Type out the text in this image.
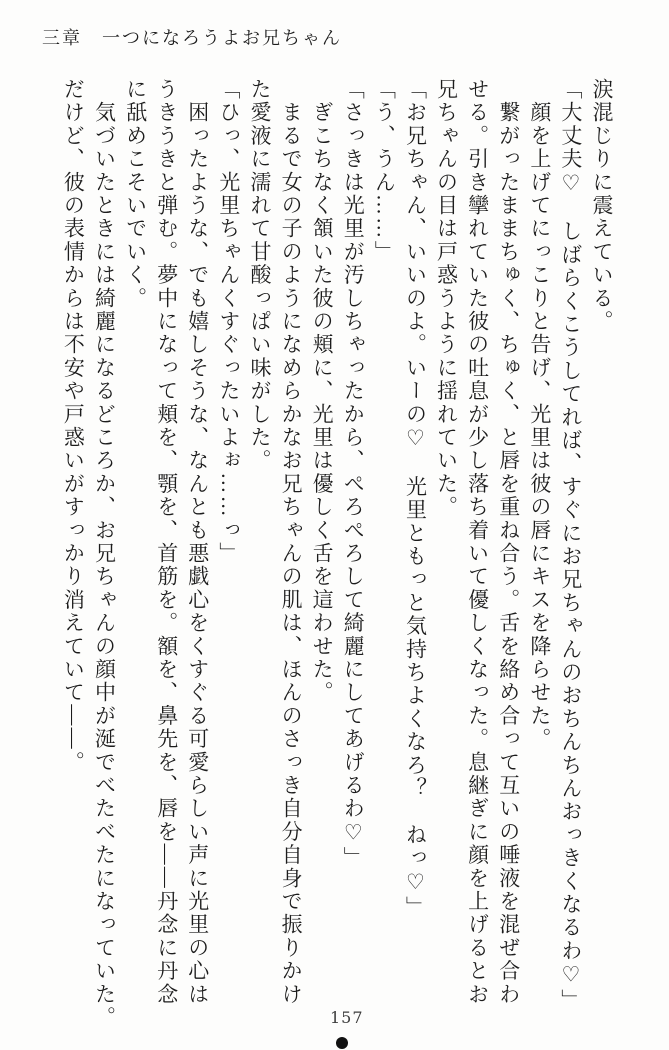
三章　一つになろうよお兄ちゃん

涙混じりに震えている。

「大丈夫♡　しばらくこうしてれば、すぐにお兄ちゃんのおちんちんおっきくなるわ♡」

　顔を上げてにっこりと告げ、光里は彼の唇にキスを降らせた。

　繋がったままちゅく、ちゅく、と唇を重ね合う。舌を絡め合って互いの唾液を混ぜ合わ

せる。引き攣れていた彼の吐息が少し落ち着いて優しくなった。息継ぎに顔を上げるとお

兄ちゃんの目は戸惑うように揺れていた。

「お兄ちゃん、いいのよ。いーの♡　光里ともっと気持ちよくなろ？　ねっ♡」

「う、うん……」

「さっきは光里が汚しちゃったから、ぺろぺろして綺麗にしてあげるわ♡」

　ぎこちなく頷いた彼の頬に、光里は優しく舌を這わせた。

　まるで女の子のようになめらかなお兄ちゃんの肌は、ほんのさっき自分自身で振りかけ

た愛液に濡れて甘酸っぱい味がした。

「ひっ、光里ちゃんくすぐったいよぉ……っ」

　困ったような、でも嬉しそうな、なんとも悪戯心をくすぐる可愛らしい声に光里の心は

うきうきと弾む。夢中になって頬を、顎を、首筋を。額を、鼻先を、唇を――丹念に丹念

に舐めこそいでいく。

　気づいたときには綺麗になるどころか、お兄ちゃんの顔中が涎でべたべたになっていた。

だけど、彼の表情からは不安や戸惑いがすっかり消えていて――。

157
